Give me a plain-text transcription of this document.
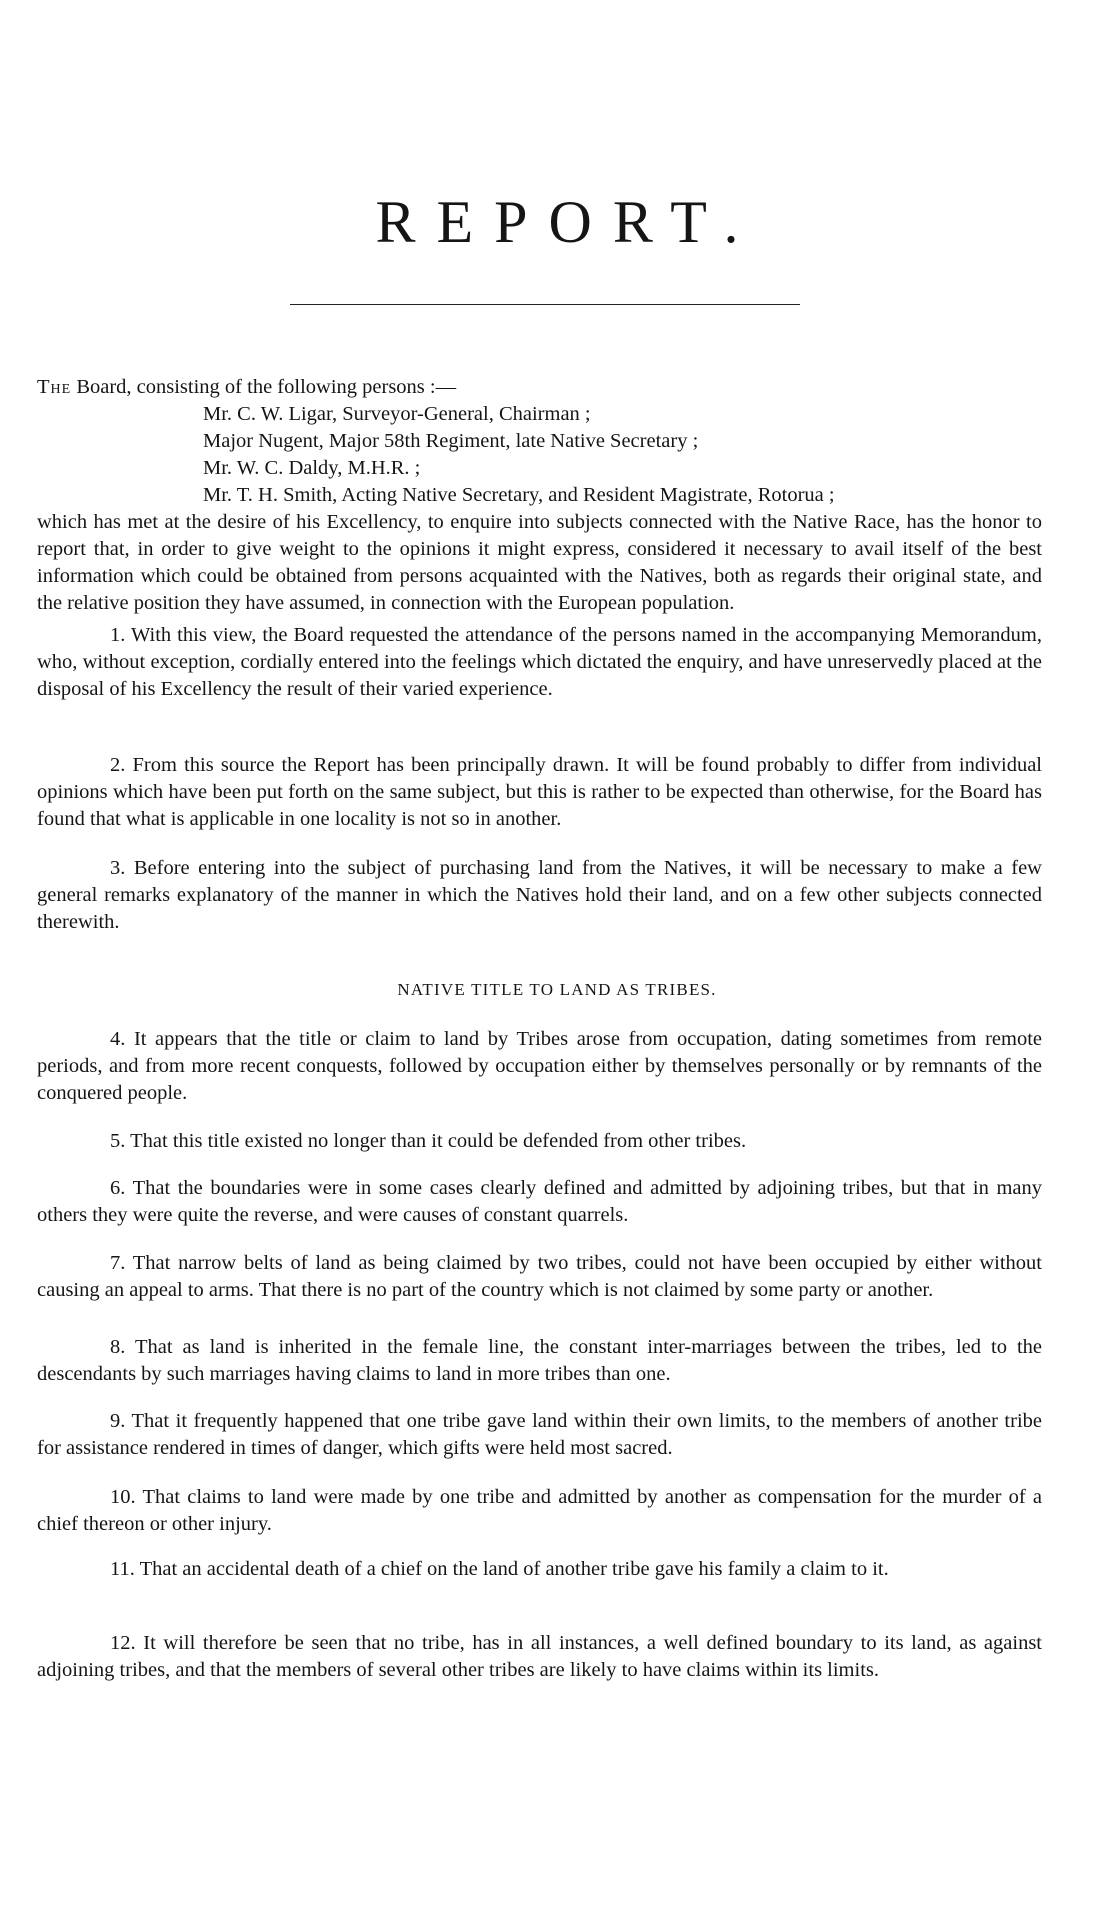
REPORT.

The Board, consisting of the following persons :—
Mr. C. W. Ligar, Surveyor-General, Chairman ;
Major Nugent, Major 58th Regiment, late Native Secretary ;
Mr. W. C. Daldy, M.H.R. ;
Mr. T. H. Smith, Acting Native Secretary, and Resident Magistrate, Rotorua ;
which has met at the desire of his Excellency, to enquire into subjects connected with the Native Race, has the honor to report that, in order to give weight to the opinions it might express, considered it necessary to avail itself of the best information which could be obtained from persons acquainted with the Natives, both as regards their original state, and the relative position they have assumed, in connection with the European population.

1. With this view, the Board requested the attendance of the persons named in the accompanying Memorandum, who, without exception, cordially entered into the feelings which dictated the enquiry, and have unreservedly placed at the disposal of his Excellency the result of their varied experience.

2. From this source the Report has been principally drawn. It will be found probably to differ from individual opinions which have been put forth on the same subject, but this is rather to be expected than otherwise, for the Board has found that what is applicable in one locality is not so in another.

3. Before entering into the subject of purchasing land from the Natives, it will be necessary to make a few general remarks explanatory of the manner in which the Natives hold their land, and on a few other subjects connected therewith.

NATIVE TITLE TO LAND AS TRIBES.

4. It appears that the title or claim to land by Tribes arose from occupation, dating sometimes from remote periods, and from more recent conquests, followed by occupation either by themselves personally or by remnants of the conquered people.

5. That this title existed no longer than it could be defended from other tribes.

6. That the boundaries were in some cases clearly defined and admitted by adjoining tribes, but that in many others they were quite the reverse, and were causes of constant quarrels.

7. That narrow belts of land as being claimed by two tribes, could not have been occupied by either without causing an appeal to arms. That there is no part of the country which is not claimed by some party or another.

8. That as land is inherited in the female line, the constant inter-marriages between the tribes, led to the descendants by such marriages having claims to land in more tribes than one.

9. That it frequently happened that one tribe gave land within their own limits, to the members of another tribe for assistance rendered in times of danger, which gifts were held most sacred.

10. That claims to land were made by one tribe and admitted by another as compensation for the murder of a chief thereon or other injury.

11. That an accidental death of a chief on the land of another tribe gave his family a claim to it.

12. It will therefore be seen that no tribe, has in all instances, a well defined boundary to its land, as against adjoining tribes, and that the members of several other tribes are likely to have claims within its limits.
